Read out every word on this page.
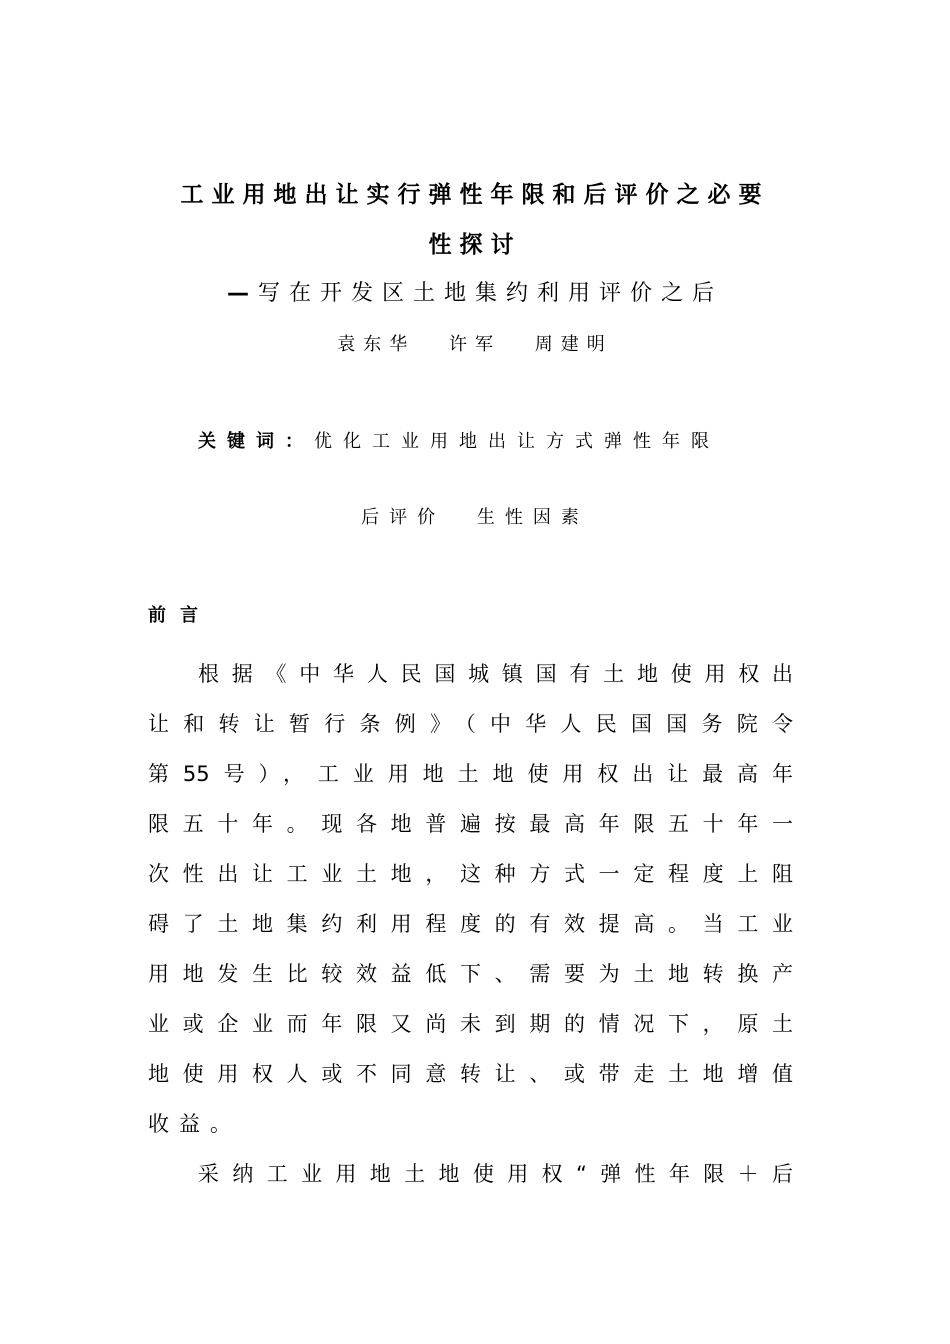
工业用地出让实行弹性年限和后评价之必要
性探讨
—写在开发区土地集约利用评价之后
袁东华 许军 周建明
关键词：优化工业用地出让方式弹性年限
后评价 生性因素
前言
根据《中华人民国城镇国有土地使用权出
让和转让暂行条例》（中华人民国国务院令
第55号），工业用地土地使用权出让最高年
限五十年。现各地普遍按最高年限五十年一
次性出让工业土地，这种方式一定程度上阻
碍了土地集约利用程度的有效提高。当工业
用地发生比较效益低下、需要为土地转换产
业或企业而年限又尚未到期的情况下，原土
地使用权人或不同意转让、或带走土地增值
收益。
采纳工业用地土地使用权“弹性年限＋后
